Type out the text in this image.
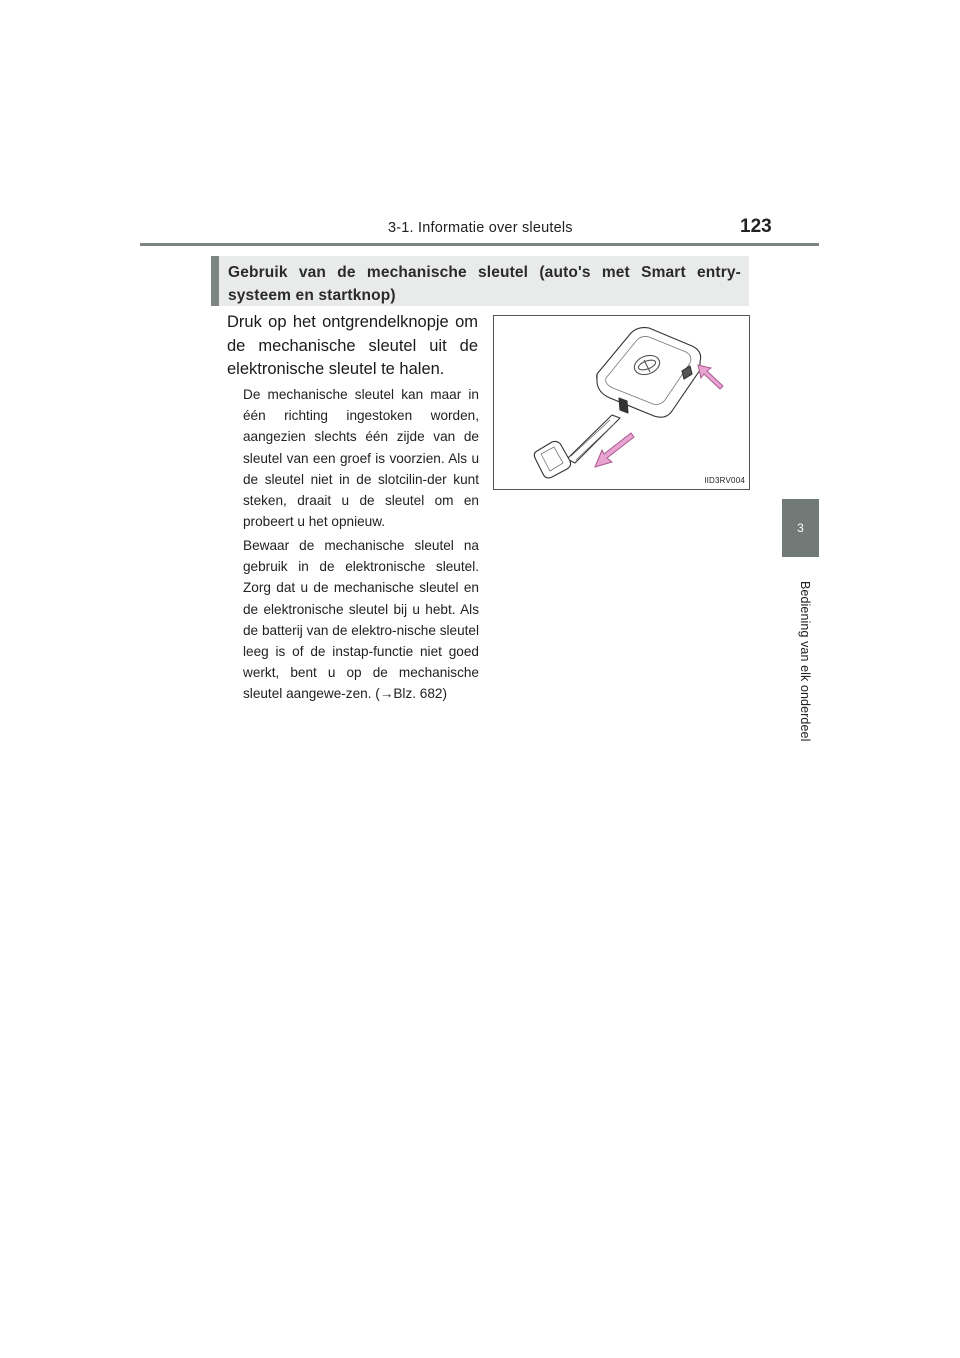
3-1. Informatie over sleutels	123
3
Bediening van elk onderdeel
Gebruik van de mechanische sleutel (auto's met Smart entry-systeem en startknop)
Druk op het ontgrendelknopje om de mechanische sleutel uit de elektronische sleutel te halen.
De mechanische sleutel kan maar in één richting ingestoken worden, aangezien slechts één zijde van de sleutel van een groef is voorzien. Als u de sleutel niet in de slotcilin-der kunt steken, draait u de sleutel om en probeert u het opnieuw.
Bewaar de mechanische sleutel na gebruik in de elektronische sleutel. Zorg dat u de mechanische sleutel en de elektronische sleutel bij u hebt. Als de batterij van de elektro-nische sleutel leeg is of de instap-functie niet goed werkt, bent u op de mechanische sleutel aangewe-zen. (→Blz. 682)
IID3RV004
